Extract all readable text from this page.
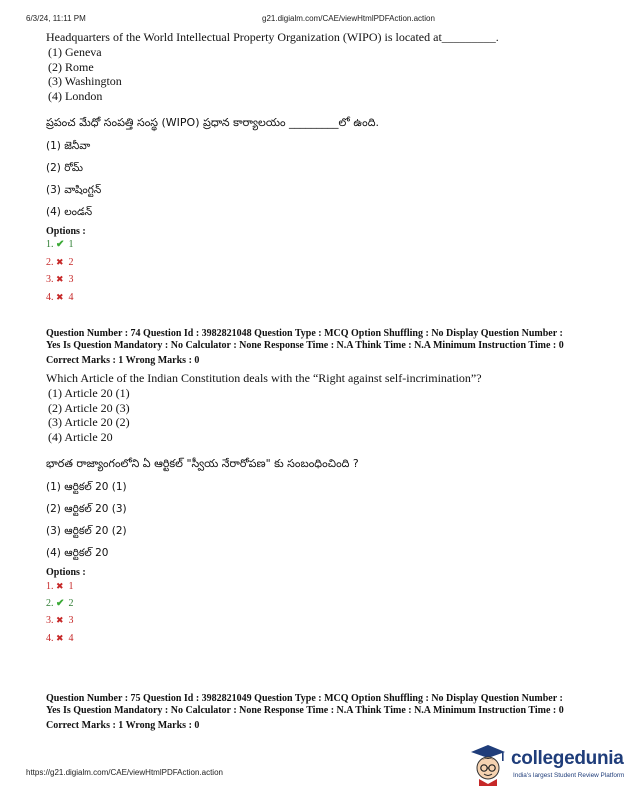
6/3/24, 11:11 PM	g21.digialm.com/CAE/viewHtmlPDFAction.action
Headquarters of the World Intellectual Property Organization (WIPO) is located at_________.
(1) Geneva
(2) Rome
(3) Washington
(4) London
ప్రపంచ మేధో సంపత్తి సంస్థ (WIPO) ప్రధాన కార్యాలయం _________లో ఉంది.
(1) జెనీవా
(2) రోమ్
(3) వాషింగ్టన్
(4) లండన్
Options :
1. ✔ 1
2. ✖ 2
3. ✖ 3
4. ✖ 4
Question Number : 74 Question Id : 3982821048 Question Type : MCQ Option Shuffling : No Display Question Number : Yes Is Question Mandatory : No Calculator : None Response Time : N.A Think Time : N.A Minimum Instruction Time : 0
Correct Marks : 1 Wrong Marks : 0
Which Article of the Indian Constitution deals with the “Right against self-incrimination”?
(1) Article 20 (1)
(2) Article 20 (3)
(3) Article 20 (2)
(4) Article 20
భారత రాజ్యాంగంలోని ఏ ఆర్టికల్ "స్వీయ నేరారోపణ" కు సంబంధించింది ?
(1) ఆర్టికల్ 20 (1)
(2) ఆర్టికల్ 20 (3)
(3) ఆర్టికల్ 20 (2)
(4) ఆర్టికల్ 20
Options :
1. ✖ 1
2. ✔ 2
3. ✖ 3
4. ✖ 4
Question Number : 75 Question Id : 3982821049 Question Type : MCQ Option Shuffling : No Display Question Number : Yes Is Question Mandatory : No Calculator : None Response Time : N.A Think Time : N.A Minimum Instruction Time : 0
Correct Marks : 1 Wrong Marks : 0
https://g21.digialm.com/CAE/viewHtmlPDFAction.action
collegedunia
India's largest Student Review Platform
